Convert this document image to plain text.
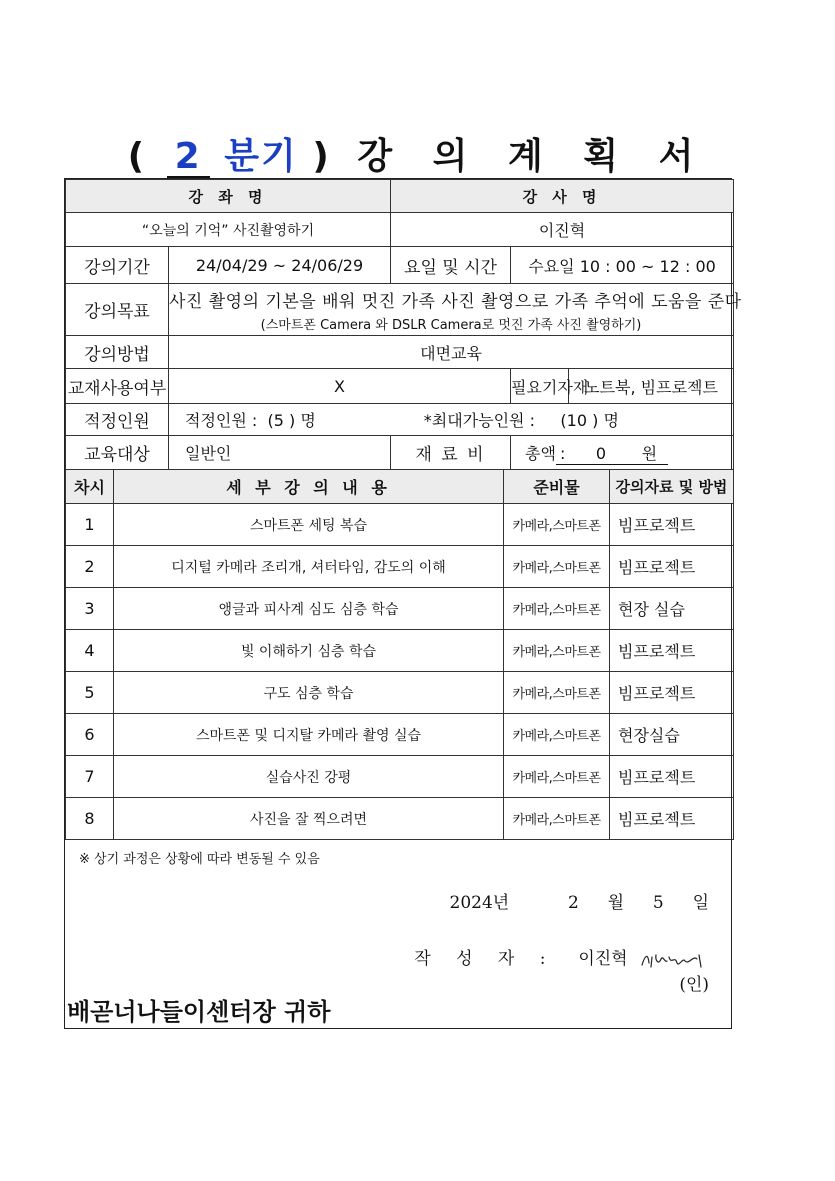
( 2 분기 ) 강 의 계 획 서
강 좌 명		강 사 명		
“오늘의 기억” 사진촬영하기		이진혁		
강의기간	24/04/29 ~ 24/06/29	요일 및 시간	수요일 10 : 00 ~ 12 : 00	
강의목표	사진 촬영의 기본을 배워 멋진 가족 사진 촬영으로 가족 추억에 도움을 준다
(스마트폰 Camera 와 DSLR Camera로 멋진 가족 사진 촬영하기)			

강의방법	대면교육			
교재사용여부	X		필요기자재	노트북, 빔프로젝트
적정인원	적정인원 :  (5 ) 명 *최대가능인원 :     (10 ) 명			
교육대상	일반인	재 료 비	총액:      0 원	
차시	세 부 강 의 내 용	준비물	강의자료 및 방법
1	스마트폰 세팅 복습	카메라,스마트폰	빔프로젝트
2	디지털 카메라 조리개, 셔터타임, 감도의 이해	카메라,스마트폰	빔프로젝트
3	앵글과 피사계 심도 심층 학습	카메라,스마트폰	현장 실습
4	빛 이해하기 심층 학습	카메라,스마트폰	빔프로젝트
5	구도 심층 학습	카메라,스마트폰	빔프로젝트
6	스마트폰 및 디지탈 카메라 촬영 실습	카메라,스마트폰	현장실습
7	실습사진 강평	카메라,스마트폰	빔프로젝트
8	사진을 잘 찍으려면	카메라,스마트폰	빔프로젝트
※ 상기 과정은 상황에 따라 변동될 수 있음
2024년	2 월 5 일
작 성 자 : 이진혁
(인)
배곧너나들이센터장 귀하
